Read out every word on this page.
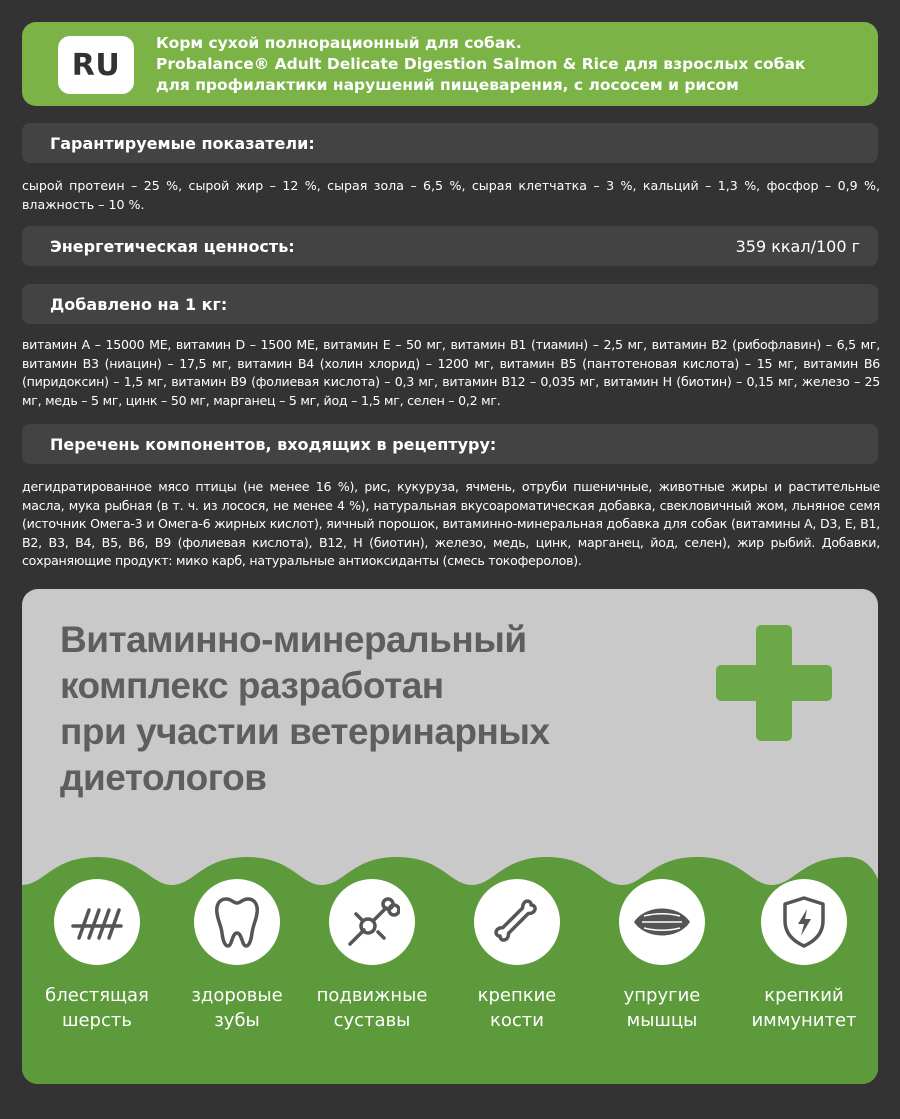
RU
Корм сухой полнорационный для собак.
Probalance® Adult Delicate Digestion Salmon & Rice для взрослых собак
для профилактики нарушений пищеварения, с лососем и рисом
Гарантируемые показатели:
сырой протеин – 25 %, сырой жир – 12 %, сырая зола – 6,5 %, сырая клетчатка – 3 %, кальций – 1,3 %, фосфор – 0,9 %, влажность – 10 %.
Энергетическая ценность:	359 ккал/100 г
Добавлено на 1 кг:
витамин A – 15000 МЕ, витамин D – 1500 МЕ, витамин E – 50 мг, витамин B1 (тиамин) – 2,5 мг, витамин B2 (рибофлавин) – 6,5 мг, витамин B3 (ниацин) – 17,5 мг, витамин B4 (холин хлорид) – 1200 мг, витамин B5 (пантотеновая кислота) – 15 мг, витамин B6 (пиридоксин) – 1,5 мг, витамин B9 (фолиевая кислота) – 0,3 мг, витамин B12 – 0,035 мг, витамин H (биотин) – 0,15 мг, железо – 25 мг, медь – 5 мг, цинк – 50 мг, марганец – 5 мг, йод – 1,5 мг, селен – 0,2 мг.
Перечень компонентов, входящих в рецептуру:
дегидратированное мясо птицы (не менее 16 %), рис, кукуруза, ячмень, отруби пшеничные, животные жиры и растительные масла, мука рыбная (в т. ч. из лосося, не менее 4 %), натуральная вкусоароматическая добавка, свекловичный жом, льняное семя (источник Омега-3 и Омега-6 жирных кислот), яичный порошок, витаминно-минеральная добавка для собак (витамины A, D3, E, B1, B2, B3, B4, B5, B6, B9 (фолиевая кислота), B12, H (биотин), железо, медь, цинк, марганец, йод, селен), жир рыбий. Добавки, сохраняющие продукт: мико карб, натуральные антиоксиданты (смесь токоферолов).
Витаминно-минеральный
комплекс разработан
при участии ветеринарных
диетологов
блестящая
шерсть
здоровые
зубы
подвижные
суставы
крепкие
кости
упругие
мышцы
крепкий
иммунитет
